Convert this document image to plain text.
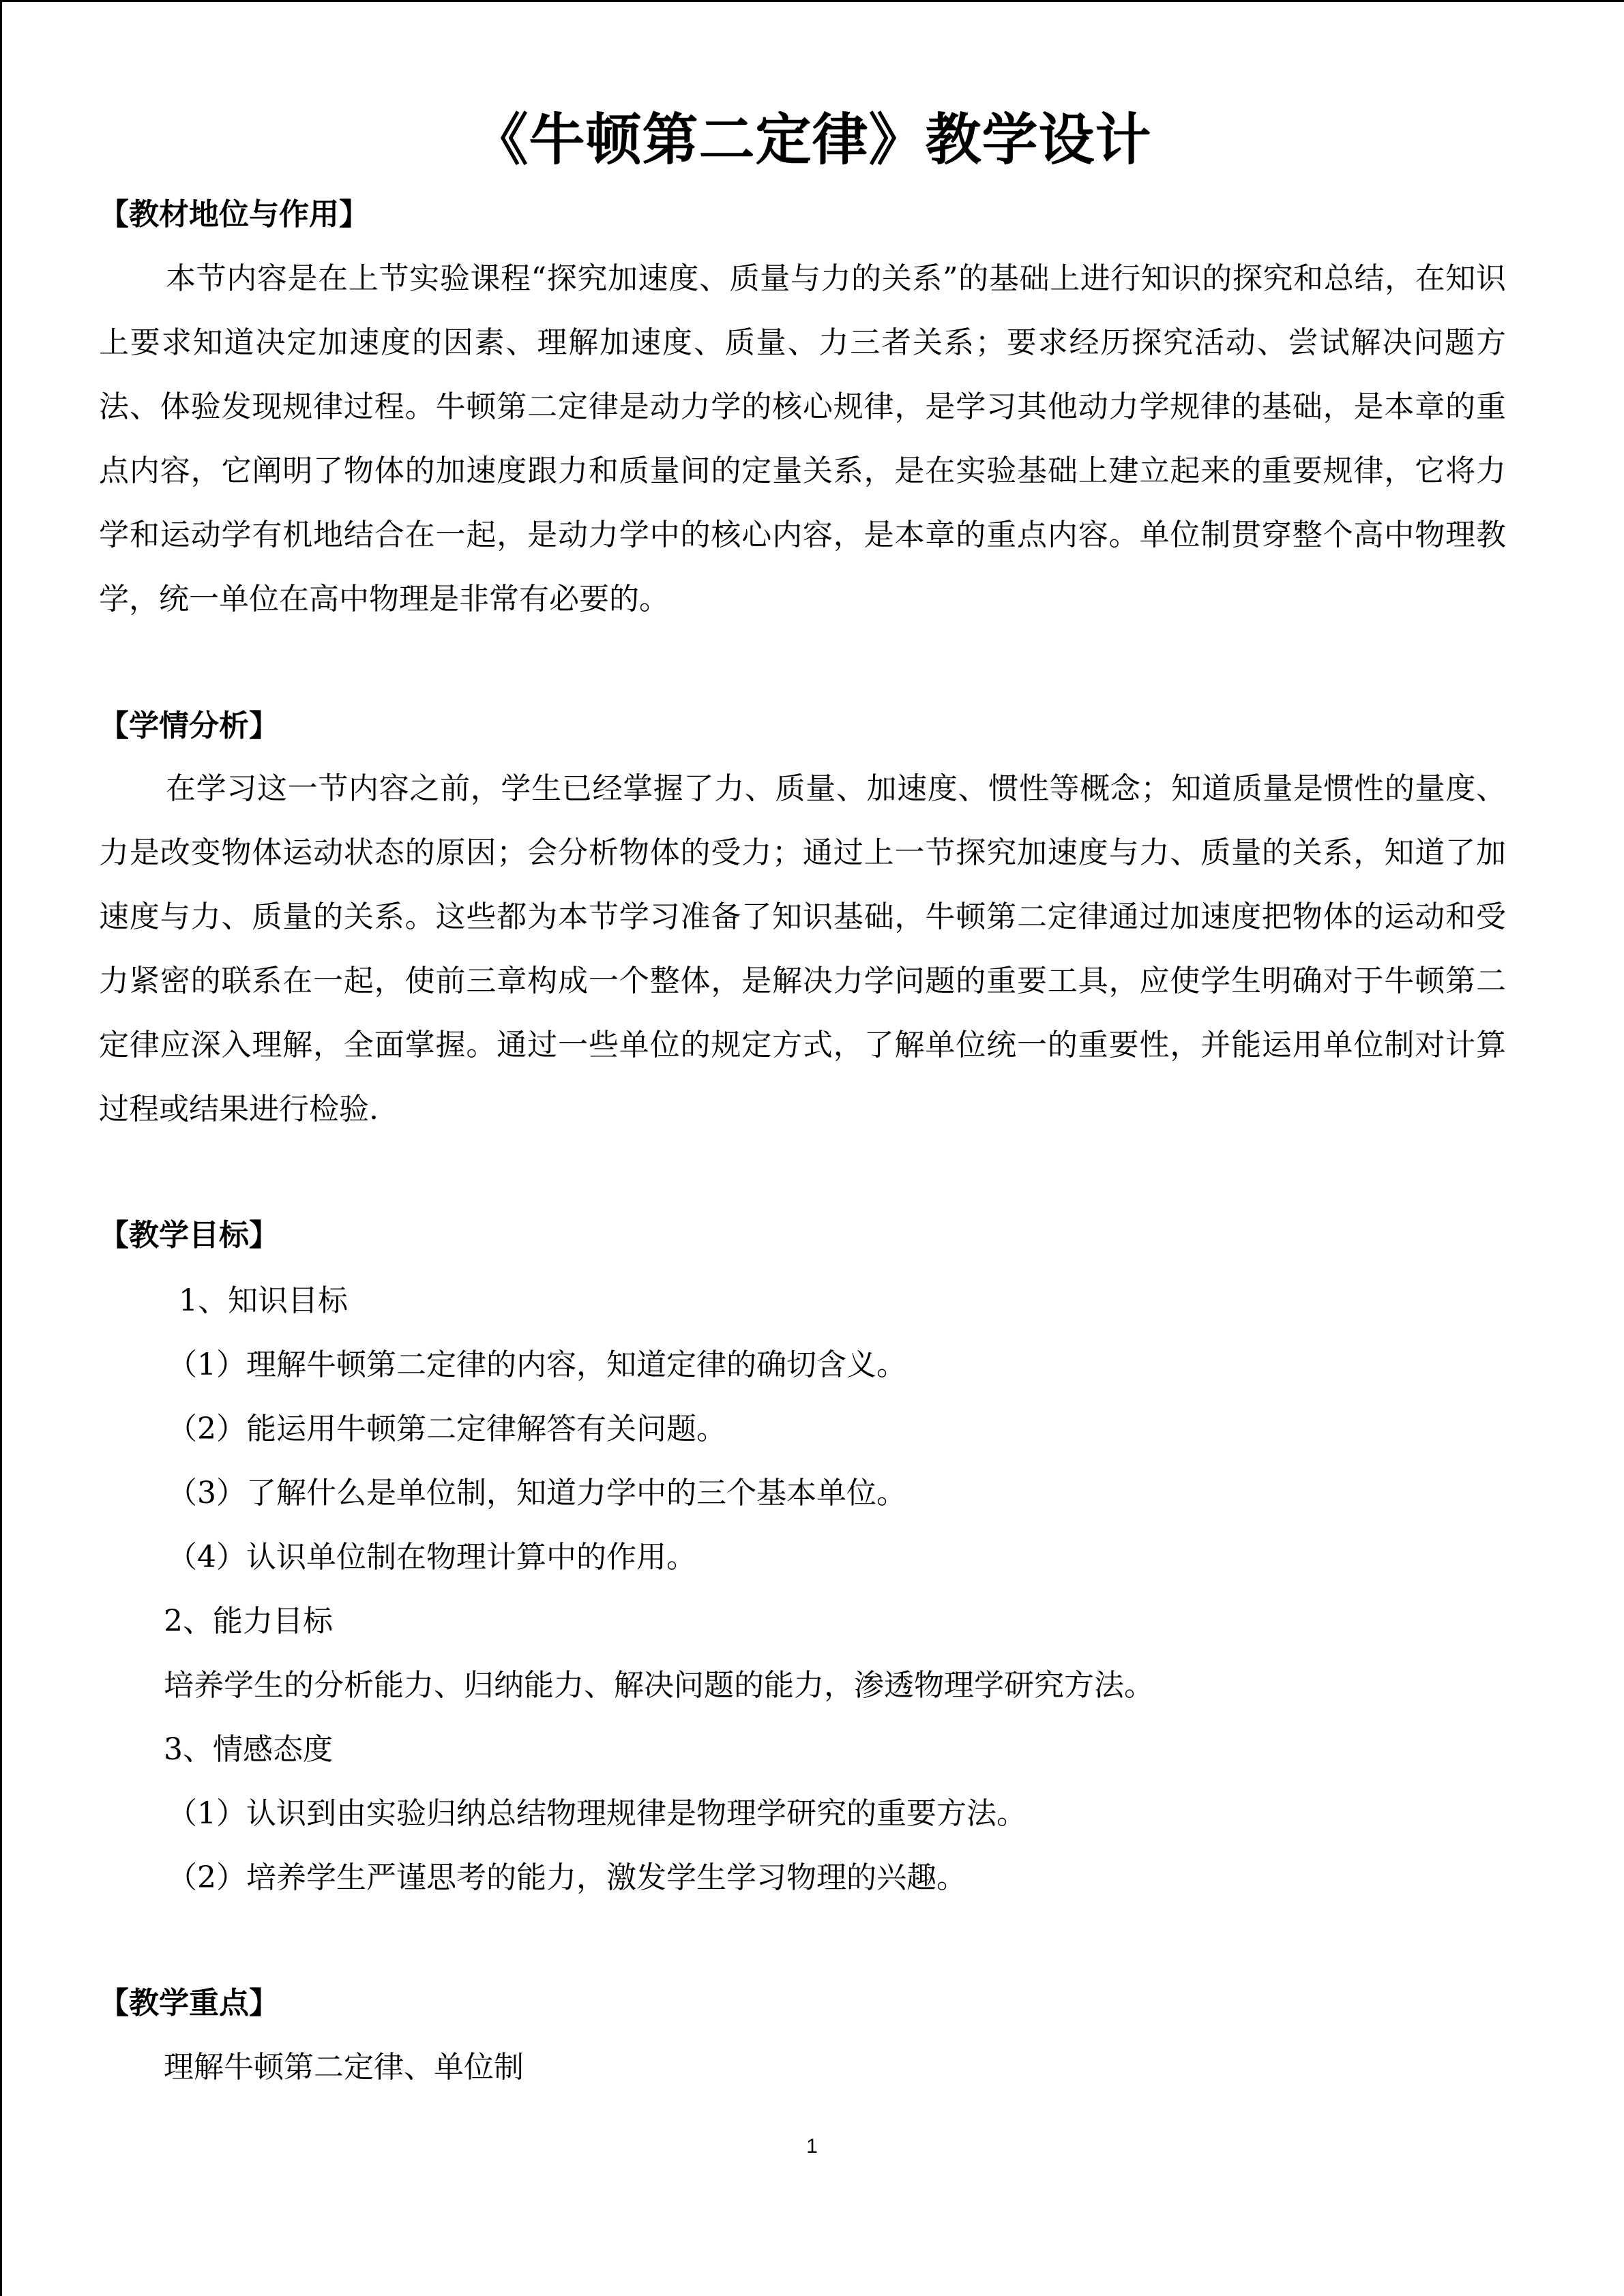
《牛顿第二定律》教学设计
【教材地位与作用】

本节内容是在上节实验课程“探究加速度、质量与力的关系”的基础上进行知识的探究和总结，在知识上要求知道决定加速度的因素、理解加速度、质量、力三者关系；要求经历探究活动、尝试解决问题方法、体验发现规律过程。牛顿第二定律是动力学的核心规律，是学习其他动力学规律的基础，是本章的重点内容，它阐明了物体的加速度跟力和质量间的定量关系，是在实验基础上建立起来的重要规律，它将力学和运动学有机地结合在一起，是动力学中的核心内容，是本章的重点内容。单位制贯穿整个高中物理教学，统一单位在高中物理是非常有必要的。

【学情分析】

在学习这一节内容之前，学生已经掌握了力、质量、加速度、惯性等概念；知道质量是惯性的量度、力是改变物体运动状态的原因；会分析物体的受力；通过上一节探究加速度与力、质量的关系，知道了加速度与力、质量的关系。这些都为本节学习准备了知识基础，牛顿第二定律通过加速度把物体的运动和受力紧密的联系在一起，使前三章构成一个整体，是解决力学问题的重要工具，应使学生明确对于牛顿第二定律应深入理解，全面掌握。通过一些单位的规定方式，了解单位统一的重要性，并能运用单位制对计算过程或结果进行检验.

【教学目标】
1、知识目标
（1）理解牛顿第二定律的内容，知道定律的确切含义。
（2）能运用牛顿第二定律解答有关问题。
（3）了解什么是单位制，知道力学中的三个基本单位。
（4）认识单位制在物理计算中的作用。
2、能力目标
培养学生的分析能力、归纳能力、解决问题的能力，渗透物理学研究方法。
3、情感态度
（1）认识到由实验归纳总结物理规律是物理学研究的重要方法。
（2）培养学生严谨思考的能力，激发学生学习物理的兴趣。
【教学重点】
理解牛顿第二定律、单位制
1
